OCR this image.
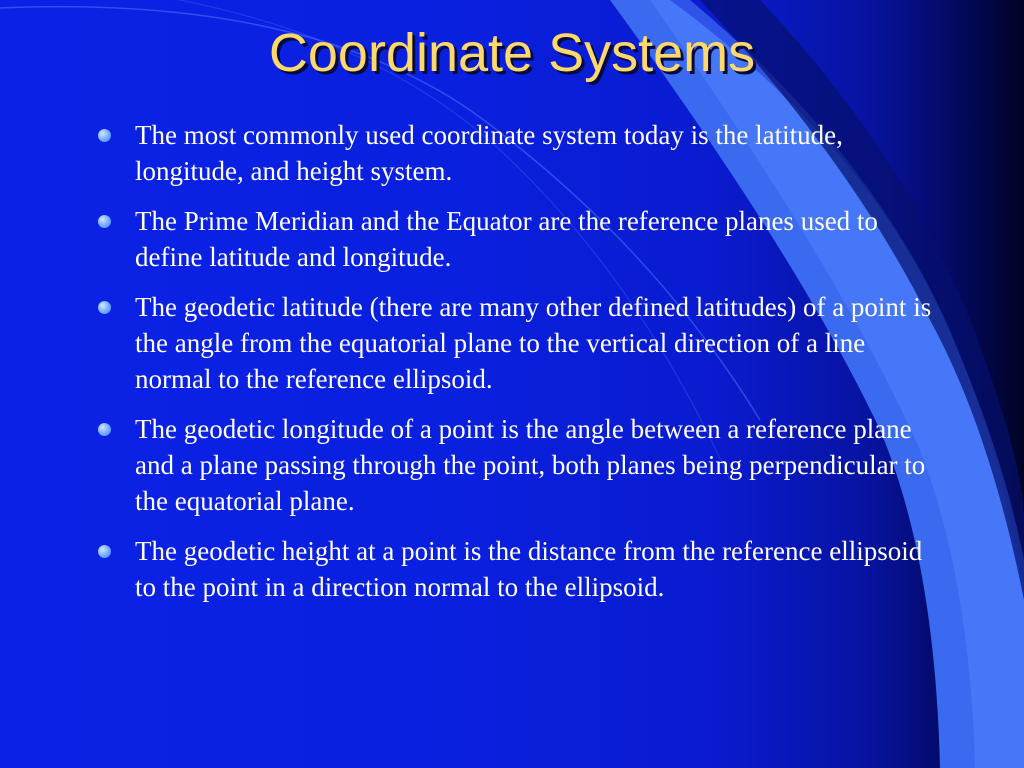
Coordinate Systems
The most commonly used coordinate system today is the latitude, longitude, and height system.
The Prime Meridian and the Equator are the reference planes used to define latitude and longitude.
The geodetic latitude (there are many other defined latitudes) of a point is the angle from the equatorial plane to the vertical direction of a line normal to the reference ellipsoid.
The geodetic longitude of a point is the angle between a reference plane and a plane passing through the point, both planes being perpendicular to the equatorial plane.
The geodetic height at a point is the distance from the reference ellipsoid to the point in a direction normal to the ellipsoid.
